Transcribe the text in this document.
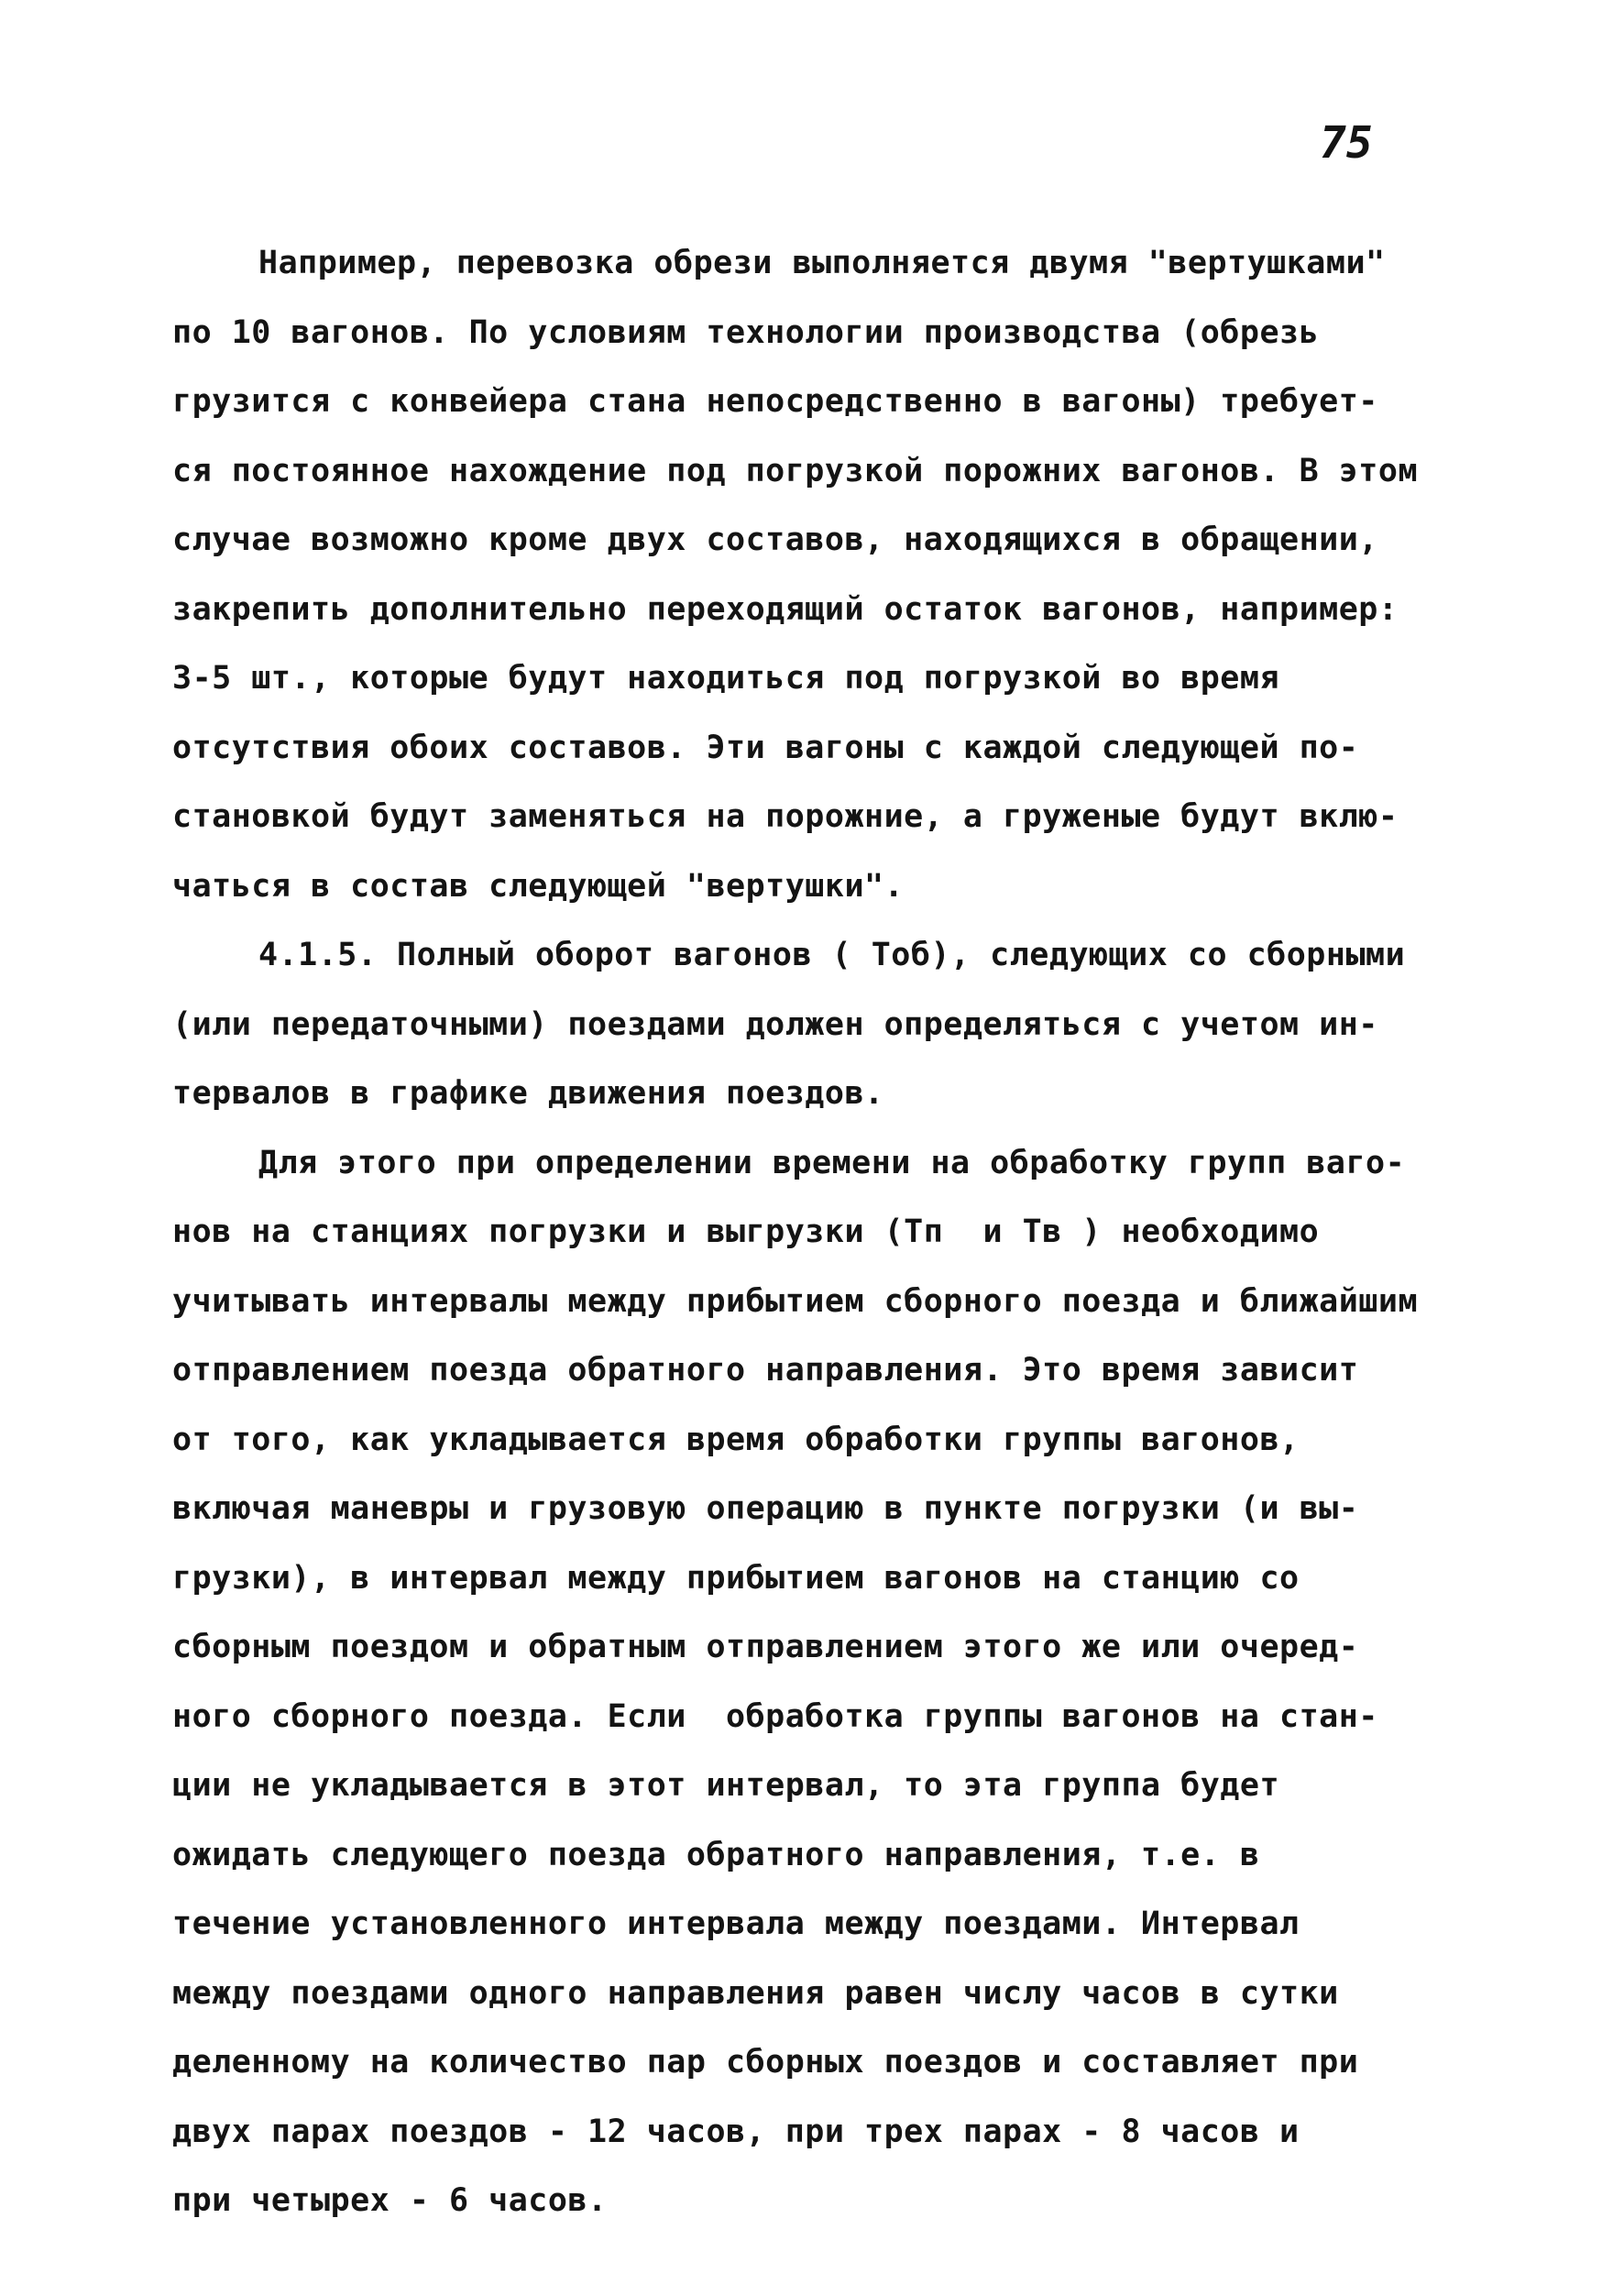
75
Например, перевозка обрези выполняется двумя "вертушками"
по 10 вагонов. По условиям технологии производства (обрезь
грузится с конвейера стана непосредственно в вагоны) требует-
ся постоянное нахождение под погрузкой порожних вагонов. В этом
случае возможно кроме двух составов, находящихся в обращении,
закрепить дополнительно переходящий остаток вагонов, например:
3-5 шт., которые будут находиться под погрузкой во время
отсутствия обоих составов. Эти вагоны с каждой следующей по-
становкой будут заменяться на порожние, а груженые будут вклю-
чаться в состав следующей "вертушки".
4.1.5. Полный оборот вагонов ( Tоб), следующих со сборными
(или передаточными) поездами должен определяться с учетом ин-
тервалов в графике движения поездов.
Для этого при определении времени на обработку групп ваго-
нов на станциях погрузки и выгрузки (Tп  и Tв ) необходимо
учитывать интервалы между прибытием сборного поезда и ближайшим
отправлением поезда обратного направления. Это время зависит
от того, как укладывается время обработки группы вагонов,
включая маневры и грузовую операцию в пункте погрузки (и вы-
грузки), в интервал между прибытием вагонов на станцию со
сборным поездом и обратным отправлением этого же или очеред-
ного сборного поезда. Если  обработка группы вагонов на стан-
ции не укладывается в этот интервал, то эта группа будет
ожидать следующего поезда обратного направления, т.е. в
течение установленного интервала между поездами. Интервал
между поездами одного направления равен числу часов в сутки
деленному на количество пар сборных поездов и составляет при
двух парах поездов - 12 часов, при трех парах - 8 часов и
при четырех - 6 часов.
